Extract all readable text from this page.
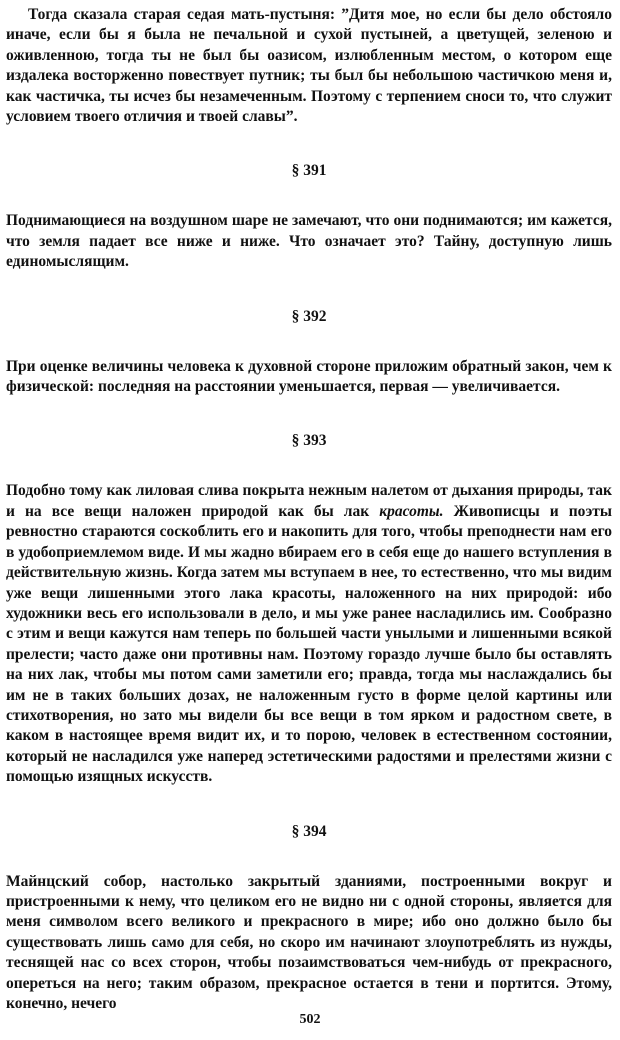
Тогда сказала старая седая мать-пустыня: ”Дитя мое, но если бы дело обстояло иначе, если бы я была не печальной и сухой пустыней, а цветущей, зеленою и оживленною, тогда ты не был бы оазисом, излюбленным местом, о котором еще издалека восторженно повествует путник; ты был бы небольшою частичкою меня и, как частичка, ты исчез бы незамеченным. Поэтому с терпением сноси то, что служит условием твоего отличия и твоей славы”.

§ 391

Поднимающиеся на воздушном шаре не замечают, что они поднимаются; им кажется, что земля падает все ниже и ниже. Что означает это? Тайну, доступную лишь единомыслящим.

§ 392

При оценке величины человека к духовной стороне приложим обратный закон, чем к физической: последняя на расстоянии уменьшается, первая — увеличивается.

§ 393

Подобно тому как лиловая слива покрыта нежным налетом от дыхания природы, так и на все вещи наложен природой как бы лак красоты. Живописцы и поэты ревностно стараются соскоблить его и накопить для того, чтобы преподнести нам его в удобоприемлемом виде. И мы жадно вбираем его в себя еще до нашего вступления в действительную жизнь. Когда затем мы вступаем в нее, то естественно, что мы видим уже вещи лишенными этого лака красоты, наложенного на них природой: ибо художники весь его использовали в дело, и мы уже ранее насладились им. Сообразно с этим и вещи кажутся нам теперь по большей части унылыми и лишенными всякой прелести; часто даже они противны нам. Поэтому гораздо лучше было бы оставлять на них лак, чтобы мы потом сами заметили его; правда, тогда мы наслаждались бы им не в таких больших дозах, не наложенным густо в форме целой картины или стихотворения, но зато мы видели бы все вещи в том ярком и радостном свете, в каком в настоящее время видит их, и то порою, человек в естественном состоянии, который не насладился уже наперед эстетическими радостями и прелестями жизни с помощью изящных искусств.

§ 394

Майнцский собор, настолько закрытый зданиями, построенными вокруг и пристроенными к нему, что целиком его не видно ни с одной стороны, является для меня символом всего великого и прекрасного в мире; ибо оно должно было бы существовать лишь само для себя, но скоро им начинают злоупотреблять из нужды, теснящей нас со всех сторон, чтобы позаимствоваться чем-нибудь от прекрасного, опереться на него; таким образом, прекрасное остается в тени и портится. Этому, конечно, нечего

502
